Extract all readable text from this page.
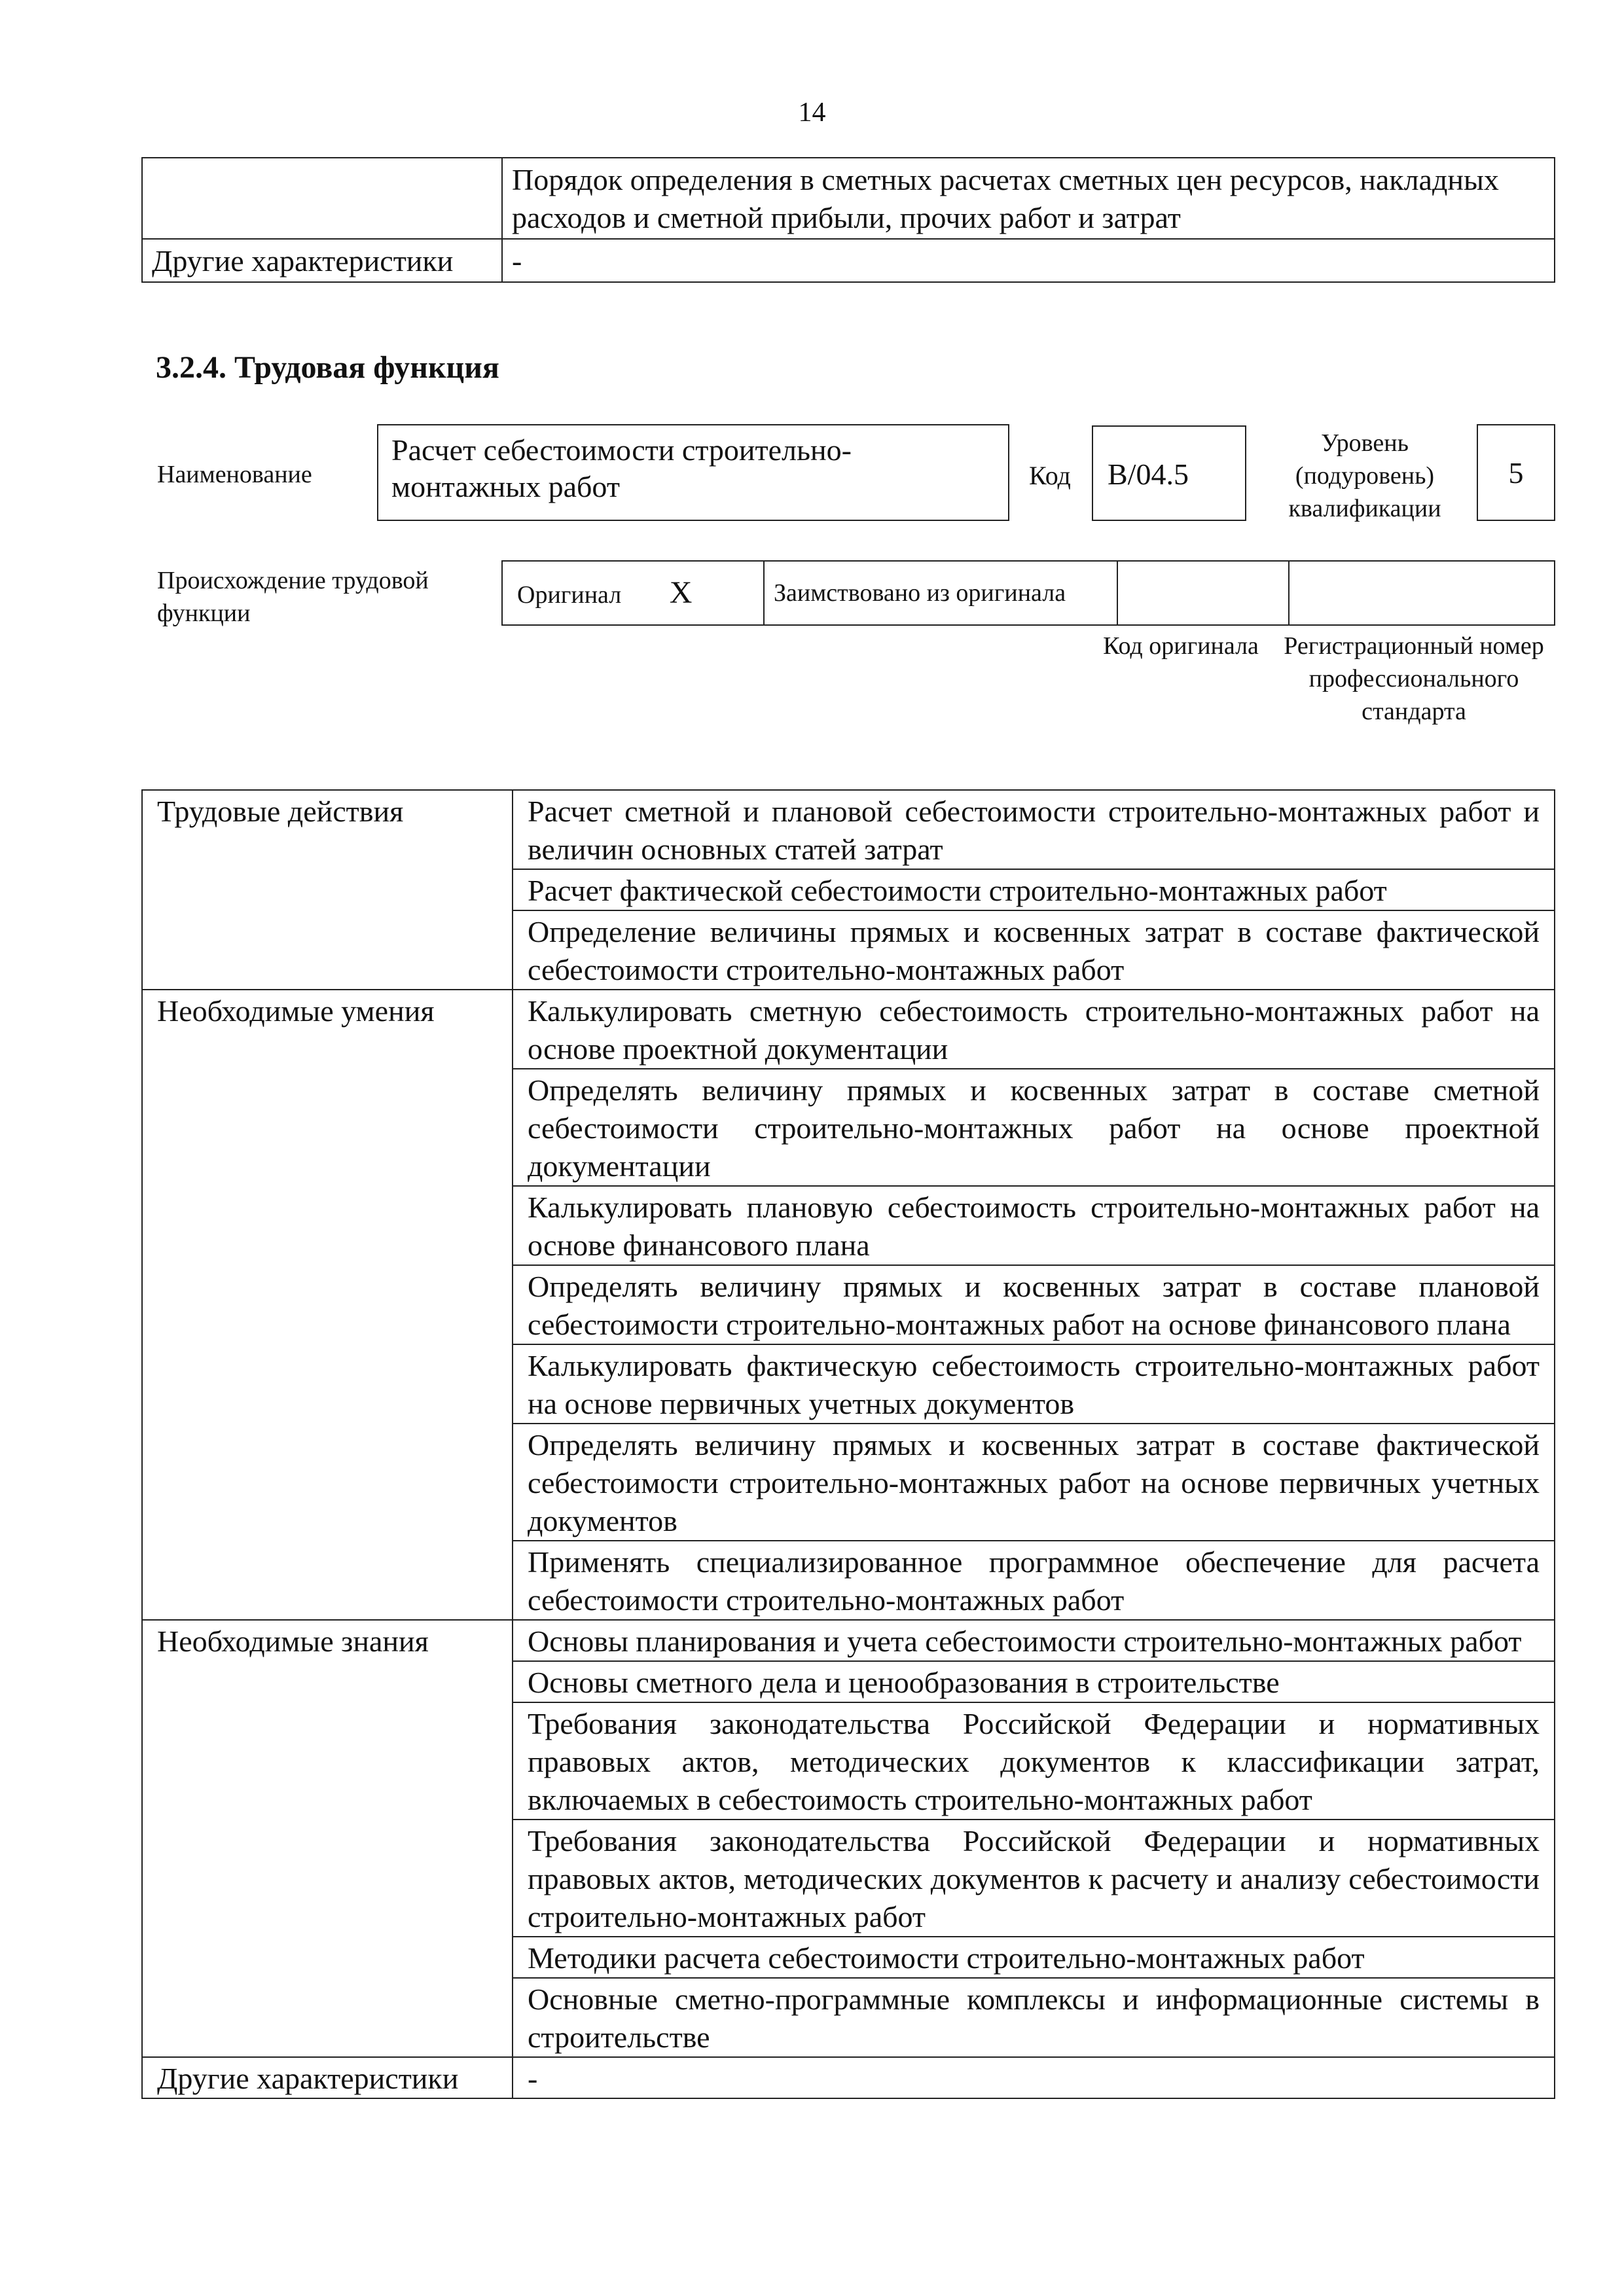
14
	Порядок определения в сметных расчетах сметных цен ресурсов, накладных расходов и сметной прибыли, прочих работ и затрат
Другие характеристики	-
3.2.4. Трудовая функция
Наименование
Расчет себестоимости строительно-монтажных работ	Код	B/04.5
Уровень (подуровень) квалификации
5
Происхождение трудовой функции
Оригинал X	Заимствовано из оригинала		
Код оригинала Регистрационный номер профессионального стандарта
Трудовые действия	Расчет сметной и плановой себестоимости строительно-монтажных работ и величин основных статей затрат
	Расчет фактической себестоимости строительно-монтажных работ
	Определение величины прямых и косвенных затрат в составе фактической себестоимости строительно-монтажных работ
Необходимые умения	Калькулировать сметную себестоимость строительно-монтажных работ на основе проектной документации
	Определять величину прямых и косвенных затрат в составе сметной себестоимости строительно-монтажных работ на основе проектной документации
	Калькулировать плановую себестоимость строительно-монтажных работ на основе финансового плана
	Определять величину прямых и косвенных затрат в составе плановой себестоимости строительно-монтажных работ на основе финансового плана
	Калькулировать фактическую себестоимость строительно-монтажных работ на основе первичных учетных документов
	Определять величину прямых и косвенных затрат в составе фактической себестоимости строительно-монтажных работ на основе первичных учетных документов
	Применять специализированное программное обеспечение для расчета себестоимости строительно-монтажных работ
Необходимые знания	Основы планирования и учета себестоимости строительно-монтажных работ
	Основы сметного дела и ценообразования в строительстве
	Требования законодательства Российской Федерации и нормативных правовых актов, методических документов к классификации затрат, включаемых в себестоимость строительно-монтажных работ
	Требования законодательства Российской Федерации и нормативных правовых актов, методических документов к расчету и анализу себестоимости строительно-монтажных работ
	Методики расчета себестоимости строительно-монтажных работ
	Основные сметно-программные комплексы и информационные системы в строительстве
Другие характеристики	-
